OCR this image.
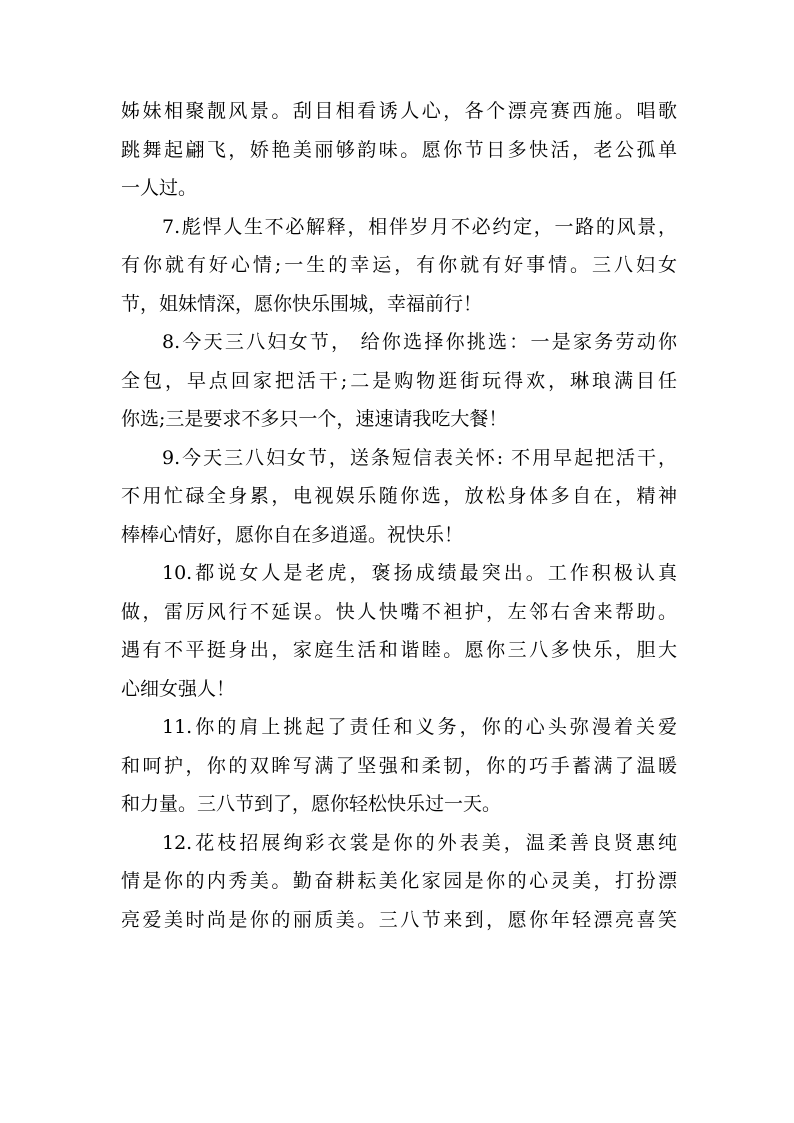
姊妹相聚靓风景。刮目相看诱人心，各个漂亮赛西施。唱歌
跳舞起翩飞，娇艳美丽够韵味。愿你节日多快活，老公孤单
一人过。
7.彪悍人生不必解释，相伴岁月不必约定，一路的风景，
有你就有好心情;一生的幸运，有你就有好事情。三八妇女
节，姐妹情深，愿你快乐围城，幸福前行！
8.今天三八妇女节， 给你选择你挑选：一是家务劳动你
全包，早点回家把活干;二是购物逛街玩得欢，琳琅满目任
你选;三是要求不多只一个，速速请我吃大餐！
9.今天三八妇女节，送条短信表关怀: 不用早起把活干，
不用忙碌全身累，电视娱乐随你选，放松身体多自在，精神
棒棒心情好，愿你自在多逍遥。祝快乐！
10.都说女人是老虎，褒扬成绩最突出。工作积极认真
做，雷厉风行不延误。快人快嘴不袒护，左邻右舍来帮助。
遇有不平挺身出，家庭生活和谐睦。愿你三八多快乐，胆大
心细女强人！
11.你的肩上挑起了责任和义务，你的心头弥漫着关爱
和呵护，你的双眸写满了坚强和柔韧，你的巧手蓄满了温暖
和力量。三八节到了，愿你轻松快乐过一天。
12.花枝招展绚彩衣裳是你的外表美，温柔善良贤惠纯
情是你的内秀美。勤奋耕耘美化家园是你的心灵美，打扮漂
亮爱美时尚是你的丽质美。三八节来到，愿你年轻漂亮喜笑
